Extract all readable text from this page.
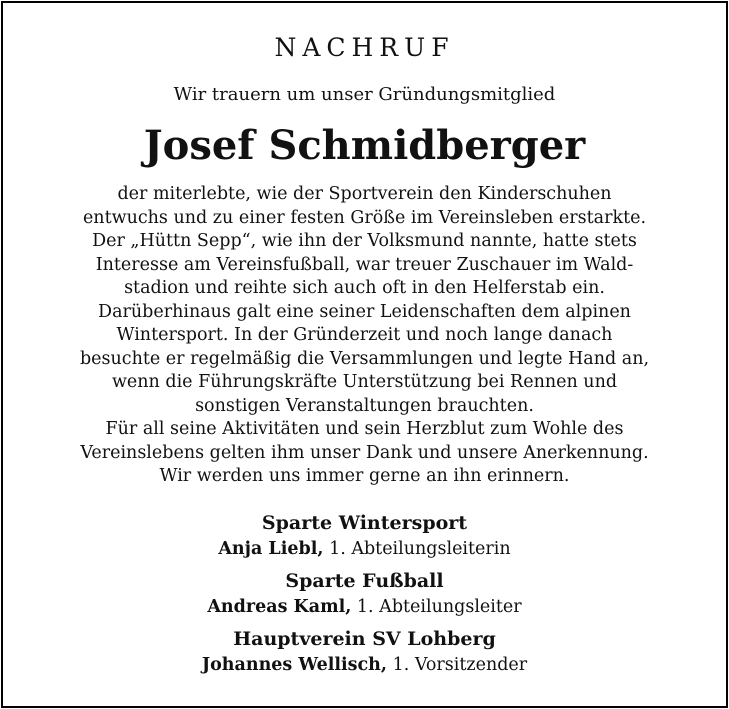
NACHRUF
Wir trauern um unser Gründungsmitglied
Josef Schmidberger
der miterlebte, wie der Sportverein den Kinderschuhen
entwuchs und zu einer festen Größe im Vereinsleben erstarkte.
Der „Hüttn Sepp“, wie ihn der Volksmund nannte, hatte stets
Interesse am Vereinsfußball, war treuer Zuschauer im Wald-
stadion und reihte sich auch oft in den Helferstab ein.
Darüberhinaus galt eine seiner Leidenschaften dem alpinen
Wintersport. In der Gründerzeit und noch lange danach
besuchte er regelmäßig die Versammlungen und legte Hand an,
wenn die Führungskräfte Unterstützung bei Rennen und
sonstigen Veranstaltungen brauchten.
Für all seine Aktivitäten und sein Herzblut zum Wohle des
Vereinslebens gelten ihm unser Dank und unsere Anerkennung.
Wir werden uns immer gerne an ihn erinnern.
Sparte Wintersport
Anja Liebl, 1. Abteilungsleiterin
Sparte Fußball
Andreas Kaml, 1. Abteilungsleiter
Hauptverein SV Lohberg
Johannes Wellisch, 1. Vorsitzender
